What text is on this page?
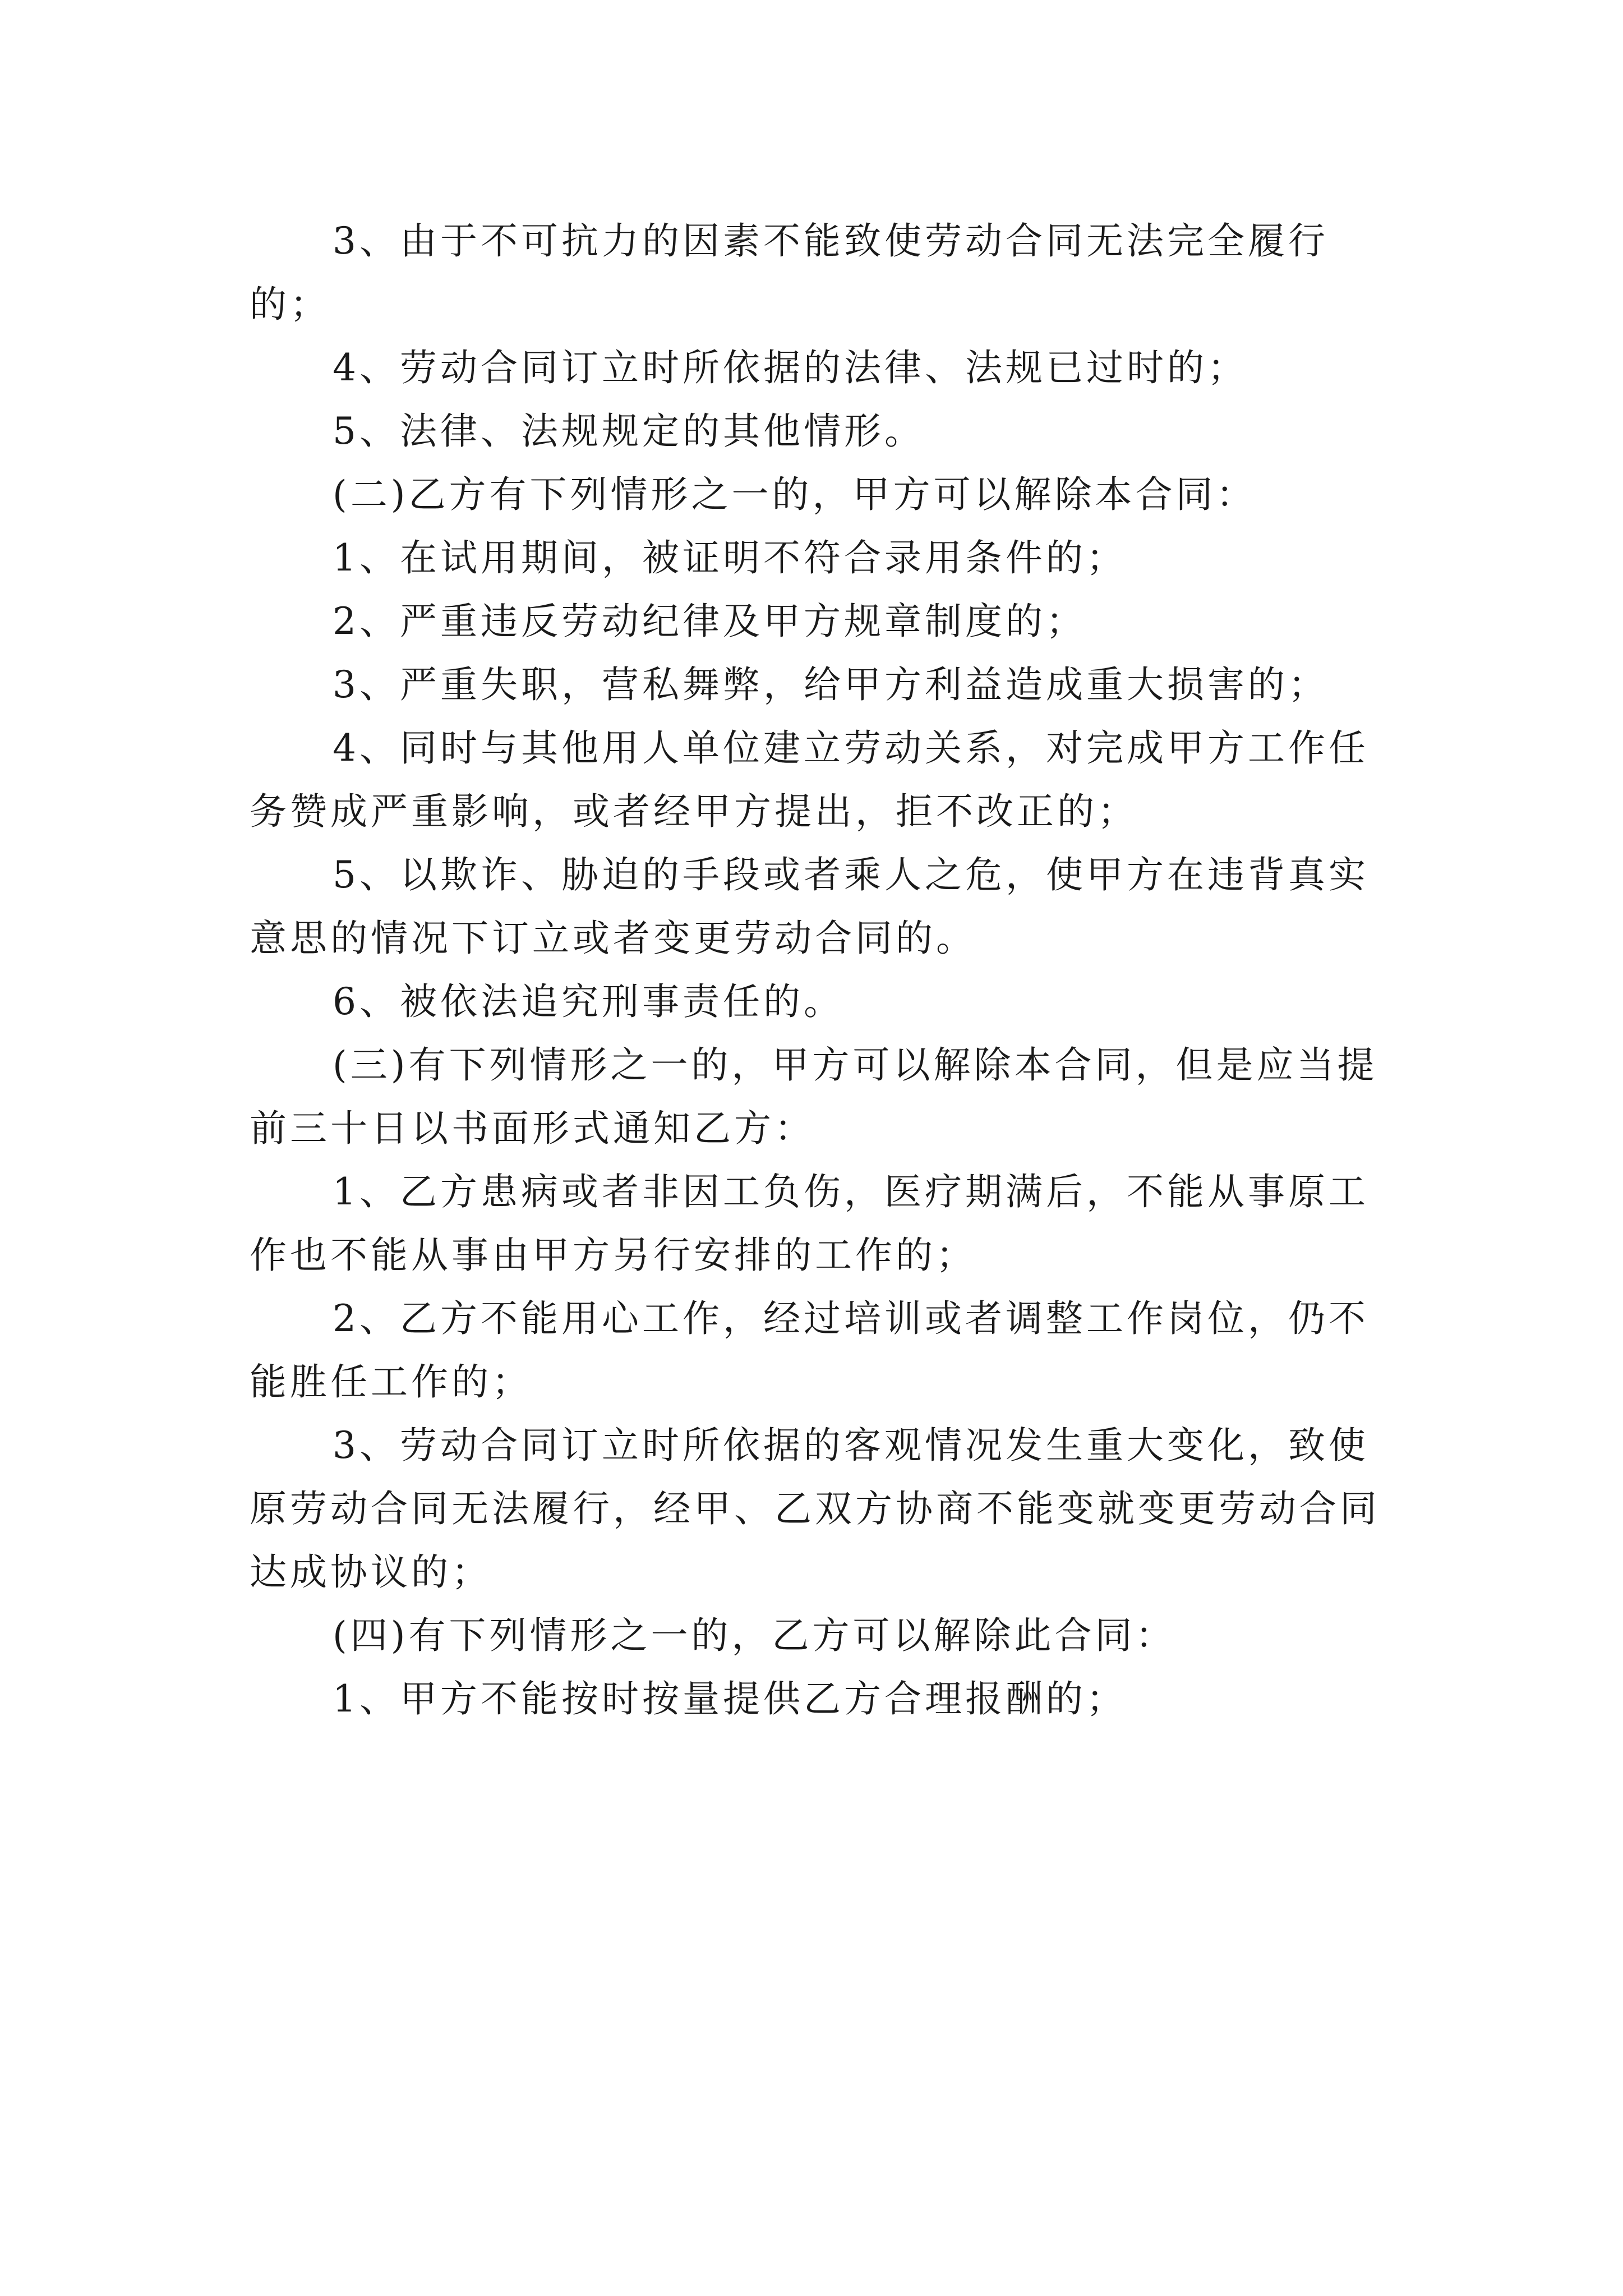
3、由于不可抗力的因素不能致使劳动合同无法完全履行的；

4、劳动合同订立时所依据的法律、法规已过时的；

5、法律、法规规定的其他情形。

(二)乙方有下列情形之一的，甲方可以解除本合同：

1、在试用期间，被证明不符合录用条件的；

2、严重违反劳动纪律及甲方规章制度的；

3、严重失职，营私舞弊，给甲方利益造成重大损害的；

4、同时与其他用人单位建立劳动关系，对完成甲方工作任务赞成严重影响，或者经甲方提出，拒不改正的；

5、以欺诈、胁迫的手段或者乘人之危，使甲方在违背真实意思的情况下订立或者变更劳动合同的。

6、被依法追究刑事责任的。

(三)有下列情形之一的，甲方可以解除本合同，但是应当提前三十日以书面形式通知乙方：

1、乙方患病或者非因工负伤，医疗期满后，不能从事原工作也不能从事由甲方另行安排的工作的；

2、乙方不能用心工作，经过培训或者调整工作岗位，仍不能胜任工作的；

3、劳动合同订立时所依据的客观情况发生重大变化，致使原劳动合同无法履行，经甲、乙双方协商不能变就变更劳动合同达成协议的；

(四)有下列情形之一的，乙方可以解除此合同：

1、甲方不能按时按量提供乙方合理报酬的；
